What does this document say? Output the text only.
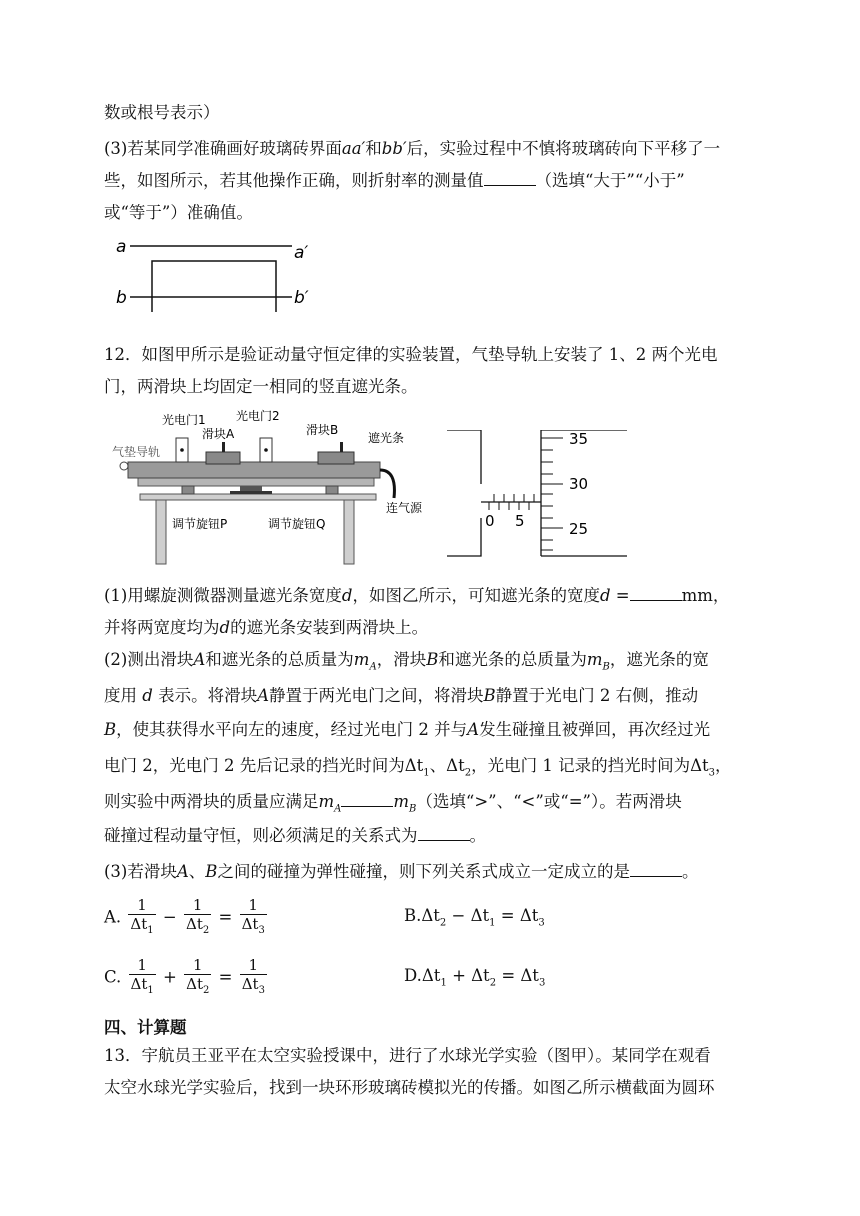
数或根号表示）
(3)若某同学准确画好玻璃砖界面aa′和bb′后，实验过程中不慎将玻璃砖向下平移了一
些，如图所示，若其他操作正确，则折射率的测量值	（选填“大于”“小于”
或“等于”）准确值。
a	a′
b	b′
12．如图甲所示是验证动量守恒定律的实验装置，气垫导轨上安装了 1、2 两个光电
门，两滑块上均固定一相同的竖直遮光条。
光电门1	光电门2
滑块A	滑块B
遮光条
气垫导轨
连气源
调节旋钮P	调节旋钮Q	0 5
35
30
25
(1)用螺旋测微器测量遮光条宽度d，如图乙所示，可知遮光条的宽度d =	mm，
并将两宽度均为d的遮光条安装到两滑块上。
(2)测出滑块A和遮光条的总质量为$m_A$，滑块B和遮光条的总质量为$m_B$，遮光条的宽
度用 d 表示。将滑块A静置于两光电门之间，将滑块B静置于光电门 2 右侧，推动
B，使其获得水平向左的速度，经过光电门 2 并与A发生碰撞且被弹回，再次经过光
电门 2，光电门 2 先后记录的挡光时间为$\Delta t_1$、$\Delta t_2$，光电门 1 记录的挡光时间为$\Delta t_3$，
则实验中两滑块的质量应满足$m_A$	$m_B$（选填“>”、“<”或“=”）。若两滑块
碰撞过程动量守恒，则必须满足的关系式为	。
(3)若滑块A、B之间的碰撞为弹性碰撞，则下列关系式成立一定成立的是	。
A. $\frac{1}{\Delta t_1} - \frac{1}{\Delta t_2} = \frac{1}{\Delta t_3}$	$B.\Delta t_2 - \Delta t_1 = \Delta t_3$
C. $\frac{1}{\Delta t_1} + \frac{1}{\Delta t_2} = \frac{1}{\Delta t_3}$	$D.\Delta t_1 + \Delta t_2 = \Delta t_3$
四、计算题
13．宇航员王亚平在太空实验授课中，进行了水球光学实验（图甲）。某同学在观看
太空水球光学实验后，找到一块环形玻璃砖模拟光的传播。如图乙所示横截面为圆环
